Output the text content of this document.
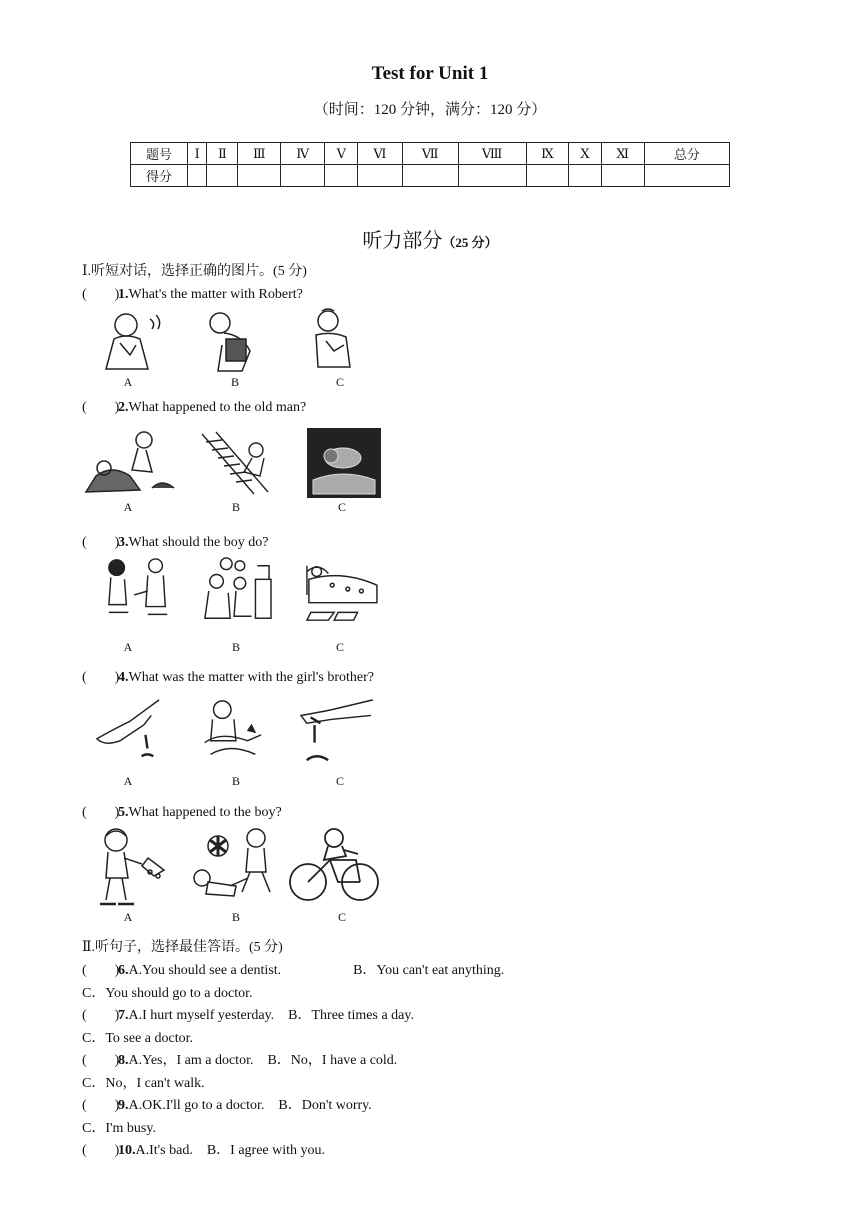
Test for Unit 1
（时间：120 分钟，满分：120 分）
题号	Ⅰ	Ⅱ	Ⅲ	Ⅳ	Ⅴ	Ⅵ	Ⅶ	Ⅷ	Ⅸ	Ⅹ	Ⅺ	总分
得分												
听力部分（25 分）
Ⅰ.听短对话，选择正确的图片。(5 分)
(　　)1.What's the matter with Robert?
A	B	C
(　　)2.What happened to the old man?
A	B	C
(　　)3.What should the boy do?
A	B	C
(　　)4.What was the matter with the girl's brother?
A	B	C
(　　)5.What happened to the boy?
A	B	C
Ⅱ.听句子，选择最佳答语。(5 分)
(　　)6.A.You should see a dentist.	B．You can't eat anything.
C．You should go to a doctor.
(　　)7.A.I hurt myself yesterday.　B．Three times a day.
C．To see a doctor.
(　　)8.A.Yes，I am a doctor.　B．No，I have a cold.
C．No，I can't walk.
(　　)9.A.OK.I'll go to a doctor.　B．Don't worry.
C．I'm busy.
(　　)10.A.It's bad.　B．I agree with you.
